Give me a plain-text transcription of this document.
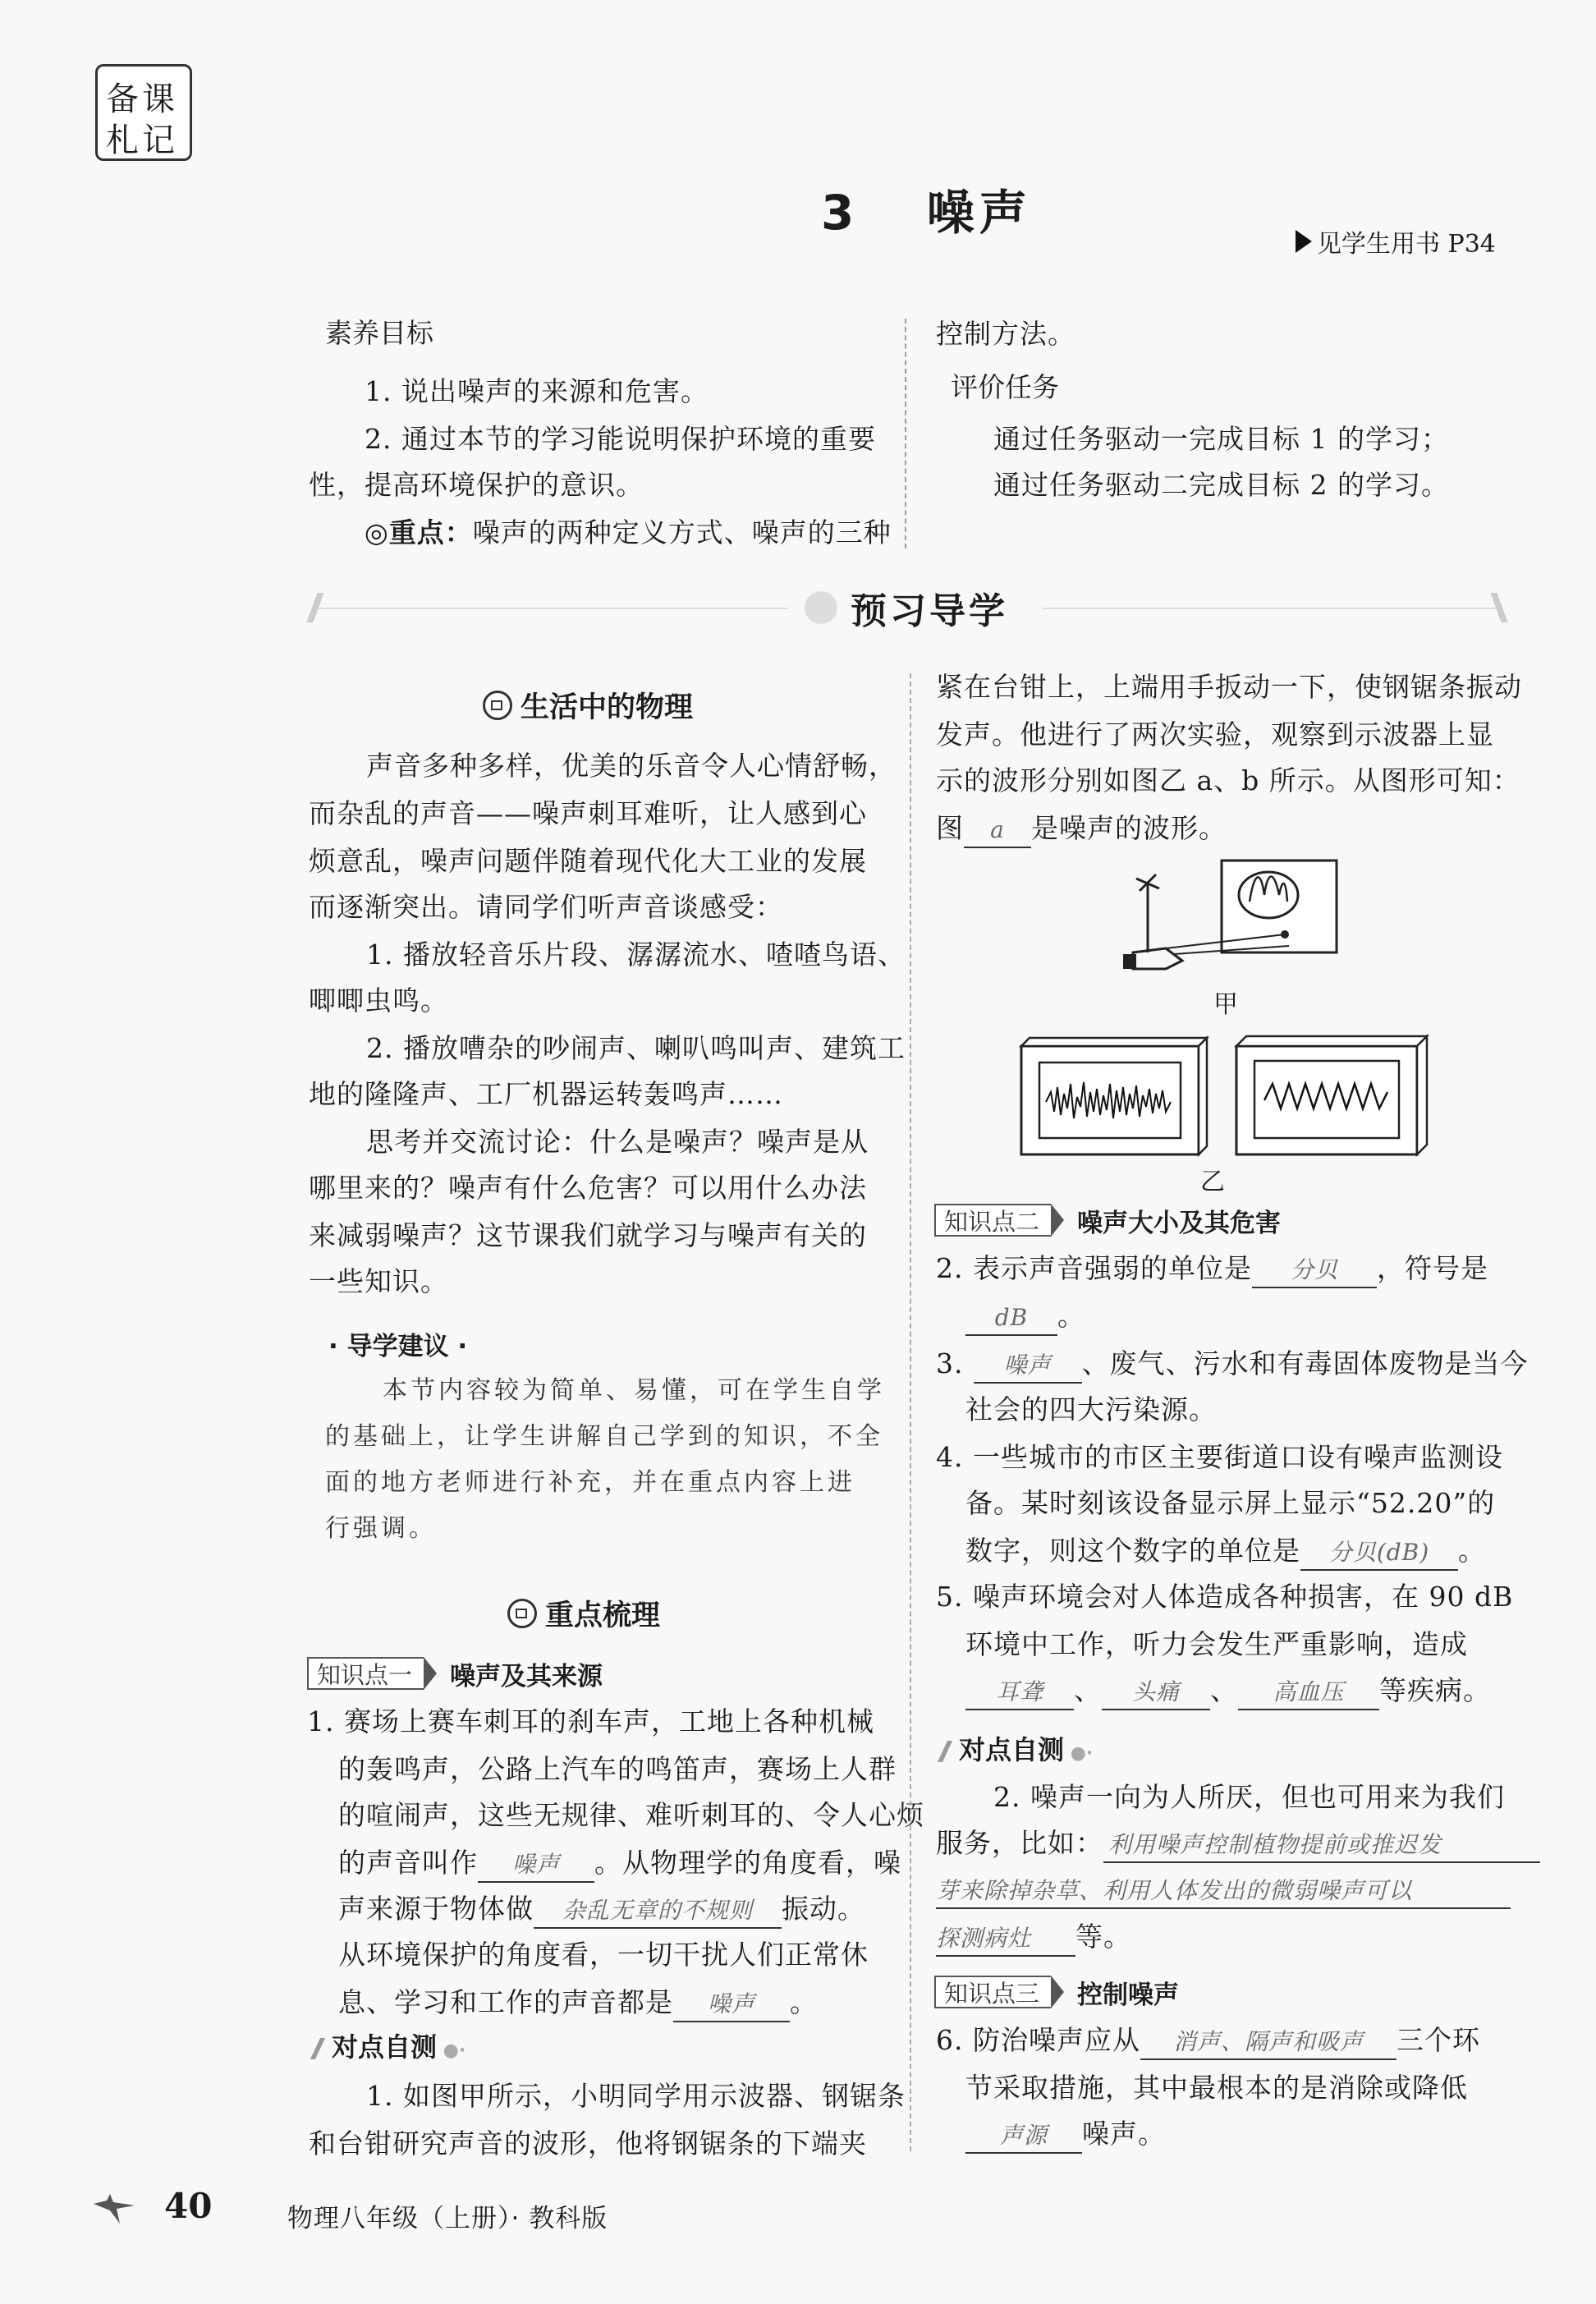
备课
札记
3 噪声
见学生用书 P34
素养目标
1. 说出噪声的来源和危害。
2. 通过本节的学习能说明保护环境的重要
性，提高环境保护的意识。
◎重点：噪声的两种定义方式、噪声的三种
控制方法。
评价任务
通过任务驱动一完成目标 1 的学习；
通过任务驱动二完成目标 2 的学习。
预习导学
生活中的物理
声音多种多样，优美的乐音令人心情舒畅，
而杂乱的声音——噪声刺耳难听，让人感到心
烦意乱，噪声问题伴随着现代化大工业的发展
而逐渐突出。请同学们听声音谈感受：
1. 播放轻音乐片段、潺潺流水、喳喳鸟语、
唧唧虫鸣。
2. 播放嘈杂的吵闹声、喇叭鸣叫声、建筑工
地的隆隆声、工厂机器运转轰鸣声……
思考并交流讨论：什么是噪声？噪声是从
哪里来的？噪声有什么危害？可以用什么办法
来减弱噪声？这节课我们就学习与噪声有关的
一些知识。
· 导学建议 ·
本节内容较为简单、易懂，可在学生自学
的基础上，让学生讲解自己学到的知识，不全
面的地方老师进行补充，并在重点内容上进
行强调。
重点梳理
知识点一	噪声及其来源
1. 赛场上赛车刺耳的刹车声，工地上各种机械
的轰鸣声，公路上汽车的鸣笛声，赛场上人群
的喧闹声，这些无规律、难听刺耳的、令人心烦
的声音叫作 噪声 。从物理学的角度看，噪
声来源于物体做 杂乱无章的不规则 振动。
从环境保护的角度看，一切干扰人们正常休
息、学习和工作的声音都是 噪声 。
对点自测 ●·
1. 如图甲所示，小明同学用示波器、钢锯条
和台钳研究声音的波形，他将钢锯条的下端夹
紧在台钳上，上端用手扳动一下，使钢锯条振动
发声。他进行了两次实验，观察到示波器上显
示的波形分别如图乙 a、b 所示。从图形可知：
图 a 是噪声的波形。
甲
乙
知识点二	噪声大小及其危害
2. 表示声音强弱的单位是 分贝 ，符号是
dB 。
3. 噪声 、废气、污水和有毒固体废物是当今
社会的四大污染源。
4. 一些城市的市区主要街道口设有噪声监测设
备。某时刻该设备显示屏上显示“52.20”的
数字，则这个数字的单位是 分贝(dB) 。
5. 噪声环境会对人体造成各种损害，在 90 dB
环境中工作，听力会发生严重影响，造成
耳聋 、 头痛 、 高血压 等疾病。
对点自测 ●·
2. 噪声一向为人所厌，但也可用来为我们
服务，比如： 利用噪声控制植物提前或推迟发
芽来除掉杂草、利用人体发出的微弱噪声可以
探测病灶 等。
知识点三	控制噪声
6. 防治噪声应从 消声、隔声和吸声 三个环
节采取措施，其中最根本的是消除或降低
声源 噪声。
40	物理八年级（上册）· 教科版
